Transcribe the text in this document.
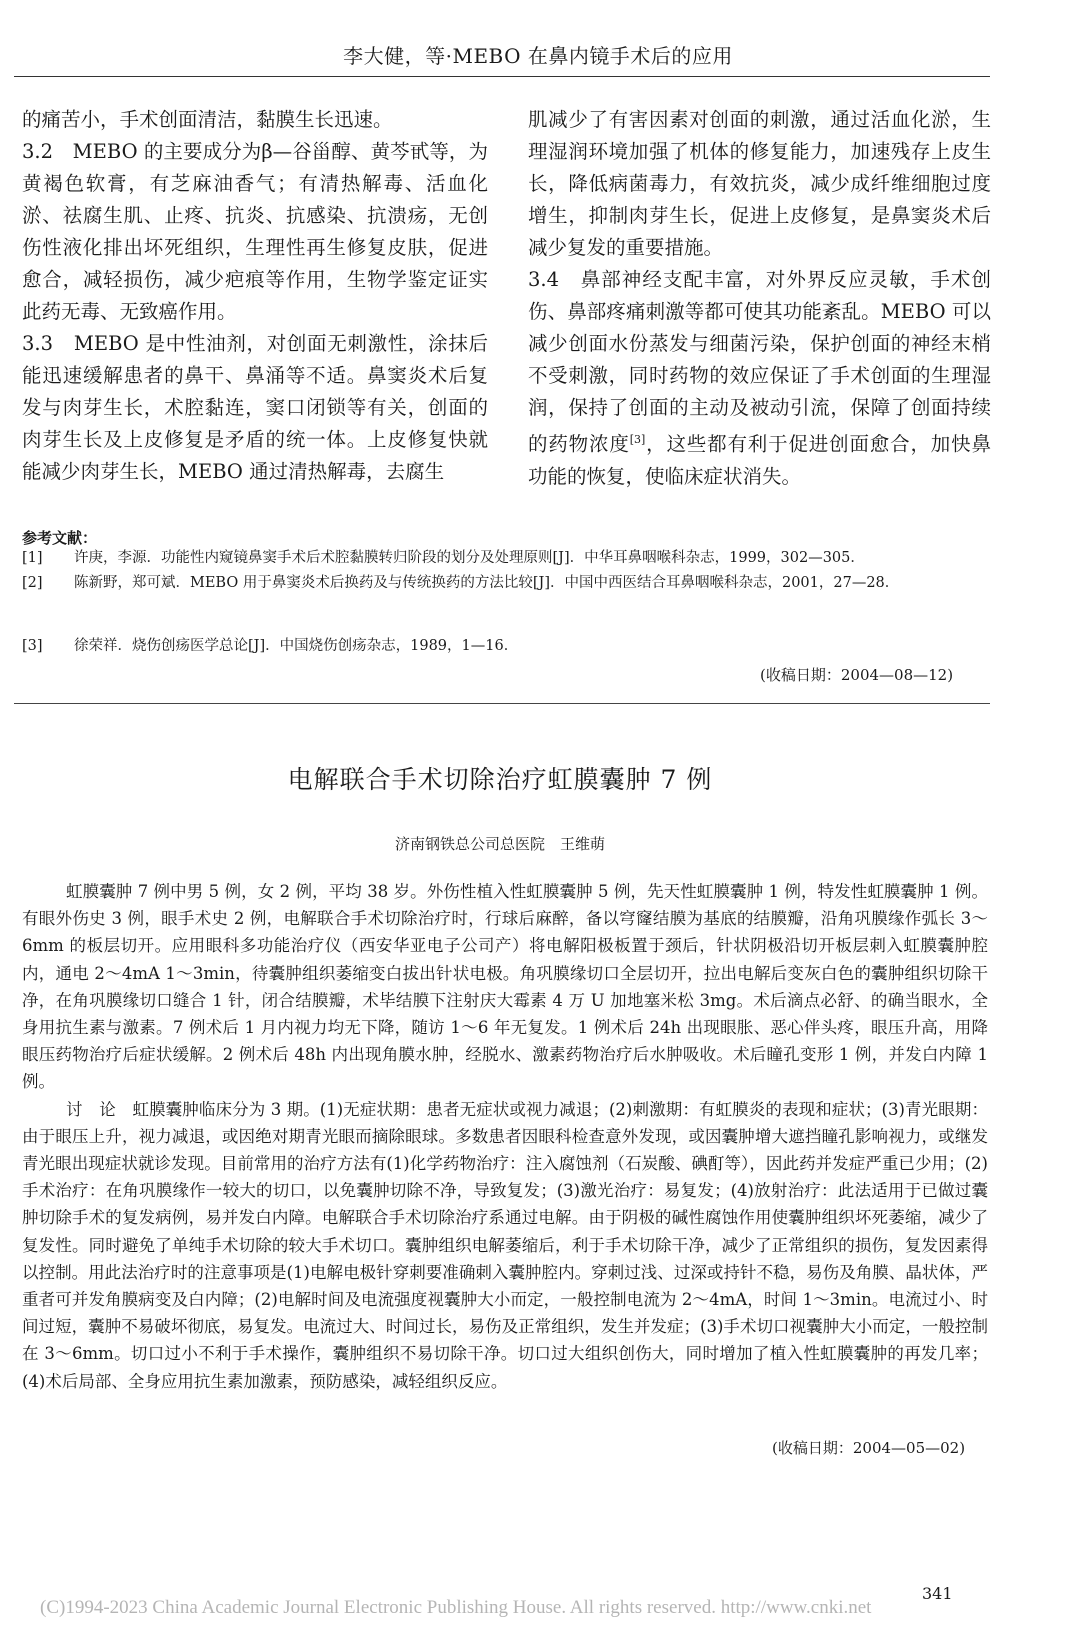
李大健，等·MEBO 在鼻内镜手术后的应用

的痛苦小，手术创面清洁，黏膜生长迅速。

3.2　MEBO 的主要成分为β—谷甾醇、黄芩甙等，为黄褐色软膏，有芝麻油香气；有清热解毒、活血化淤、祛腐生肌、止疼、抗炎、抗感染、抗溃疡，无创伤性液化排出坏死组织，生理性再生修复皮肤，促进愈合，减轻损伤，减少疤痕等作用，生物学鉴定证实此药无毒、无致癌作用。

3.3　MEBO 是中性油剂，对创面无刺激性，涂抹后能迅速缓解患者的鼻干、鼻涌等不适。鼻窦炎术后复发与肉芽生长，术腔黏连，窦口闭锁等有关，创面的肉芽生长及上皮修复是矛盾的统一体。上皮修复快就能减少肉芽生长，MEBO 通过清热解毒，去腐生

肌减少了有害因素对创面的刺激，通过活血化淤，生理湿润环境加强了机体的修复能力，加速残存上皮生长，降低病菌毒力，有效抗炎，减少成纤维细胞过度增生，抑制肉芽生长，促进上皮修复，是鼻窦炎术后减少复发的重要措施。

3.4　鼻部神经支配丰富，对外界反应灵敏，手术创伤、鼻部疼痛刺激等都可使其功能紊乱。MEBO 可以减少创面水份蒸发与细菌污染，保护创面的神经末梢不受刺激，同时药物的效应保证了手术创面的生理湿润，保持了创面的主动及被动引流，保障了创面持续的药物浓度[3]，这些都有利于促进创面愈合，加快鼻功能的恢复，使临床症状消失。

参考文献：
[1] 许庚，李源．功能性内窥镜鼻窦手术后术腔黏膜转归阶段的划分及处理原则[J]．中华耳鼻咽喉科杂志，1999，302—305．
[2] 陈新野，郑可斌．MEBO 用于鼻窦炎术后换药及与传统换药的方法比较[J]．中国中西医结合耳鼻咽喉科杂志，2001，27—28．
[3] 徐荣祥．烧伤创疡医学总论[J]．中国烧伤创疡杂志，1989，1—16．
(收稿日期：2004—08—12)
电解联合手术切除治疗虹膜囊肿 7 例
济南钢铁总公司总医院　王维萌

虹膜囊肿 7 例中男 5 例，女 2 例，平均 38 岁。外伤性植入性虹膜囊肿 5 例，先天性虹膜囊肿 1 例，特发性虹膜囊肿 1 例。有眼外伤史 3 例，眼手术史 2 例，电解联合手术切除治疗时，行球后麻醉，备以穹窿结膜为基底的结膜瓣，沿角巩膜缘作弧长 3～6mm 的板层切开。应用眼科多功能治疗仪（西安华亚电子公司产）将电解阳极板置于颈后，针状阴极沿切开板层刺入虹膜囊肿腔内，通电 2～4mA 1～3min，待囊肿组织萎缩变白拔出针状电极。角巩膜缘切口全层切开，拉出电解后变灰白色的囊肿组织切除干净，在角巩膜缘切口缝合 1 针，闭合结膜瓣，术毕结膜下注射庆大霉素 4 万 U 加地塞米松 3mg。术后滴点必舒、的确当眼水，全身用抗生素与激素。7 例术后 1 月内视力均无下降，随访 1～6 年无复发。1 例术后 24h 出现眼胀、恶心伴头疼，眼压升高，用降眼压药物治疗后症状缓解。2 例术后 48h 内出现角膜水肿，经脱水、激素药物治疗后水肿吸收。术后瞳孔变形 1 例，并发白内障 1 例。

讨　论　虹膜囊肿临床分为 3 期。(1)无症状期：患者无症状或视力减退；(2)刺激期：有虹膜炎的表现和症状；(3)青光眼期：由于眼压上升，视力减退，或因绝对期青光眼而摘除眼球。多数患者因眼科检查意外发现，或因囊肿增大遮挡瞳孔影响视力，或继发青光眼出现症状就诊发现。目前常用的治疗方法有(1)化学药物治疗：注入腐蚀剂（石炭酸、碘酊等），因此药并发症严重已少用；(2)手术治疗：在角巩膜缘作一较大的切口，以免囊肿切除不净，导致复发；(3)激光治疗：易复发；(4)放射治疗：此法适用于已做过囊肿切除手术的复发病例，易并发白内障。电解联合手术切除治疗系通过电解。由于阴极的碱性腐蚀作用使囊肿组织坏死萎缩，减少了复发性。同时避免了单纯手术切除的较大手术切口。囊肿组织电解萎缩后，利于手术切除干净，减少了正常组织的损伤，复发因素得以控制。用此法治疗时的注意事项是(1)电解电极针穿刺要准确刺入囊肿腔内。穿刺过浅、过深或持针不稳，易伤及角膜、晶状体，严重者可并发角膜病变及白内障；(2)电解时间及电流强度视囊肿大小而定，一般控制电流为 2～4mA，时间 1～3min。电流过小、时间过短，囊肿不易破坏彻底，易复发。电流过大、时间过长，易伤及正常组织，发生并发症；(3)手术切口视囊肿大小而定，一般控制在 3～6mm。切口过小不利于手术操作，囊肿组织不易切除干净。切口过大组织创伤大，同时增加了植入性虹膜囊肿的再发几率；(4)术后局部、全身应用抗生素加激素，预防感染，减轻组织反应。

(收稿日期：2004—05—02)
341
(C)1994-2023 China Academic Journal Electronic Publishing House. All rights reserved. http://www.cnki.net
